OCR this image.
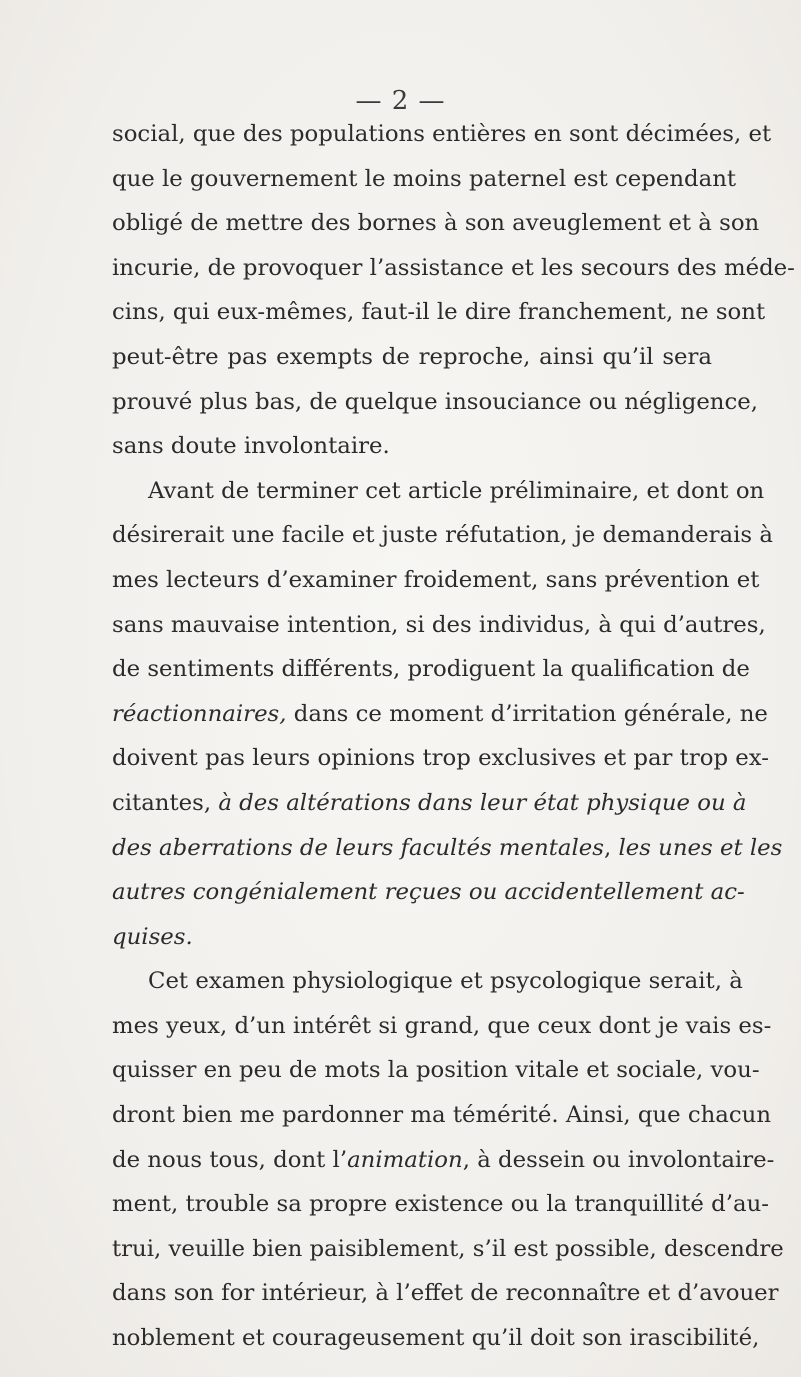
— 2 —
social, que des populations entières en sont décimées, et
que le gouvernement le moins paternel est cependant
obligé de mettre des bornes à son aveuglement et à son
incurie, de provoquer l’assistance et les secours des méde-
cins, qui eux-mêmes, faut-il le dire franchement, ne sont
peut-être pas exempts de reproche, ainsi qu’il sera
prouvé plus bas, de quelque insouciance ou négligence,
sans doute involontaire.
Avant de terminer cet article préliminaire, et dont on
désirerait une facile et juste réfutation, je demanderais à
mes lecteurs d’examiner froidement, sans prévention et
sans mauvaise intention, si des individus, à qui d’autres,
de sentiments différents, prodiguent la qualification de
réactionnaires, dans ce moment d’irritation générale, ne
doivent pas leurs opinions trop exclusives et par trop ex-
citantes, à des altérations dans leur état physique ou à
des aberrations de leurs facultés mentales, les unes et les
autres congénialement reçues ou accidentellement ac-
quises.
Cet examen physiologique et psycologique serait, à
mes yeux, d’un intérêt si grand, que ceux dont je vais es-
quisser en peu de mots la position vitale et sociale, vou-
dront bien me pardonner ma témérité. Ainsi, que chacun
de nous tous, dont l’animation, à dessein ou involontaire-
ment, trouble sa propre existence ou la tranquillité d’au-
trui, veuille bien paisiblement, s’il est possible, descendre
dans son for intérieur, à l’effet de reconnaître et d’avouer
noblement et courageusement qu’il doit son irascibilité,
